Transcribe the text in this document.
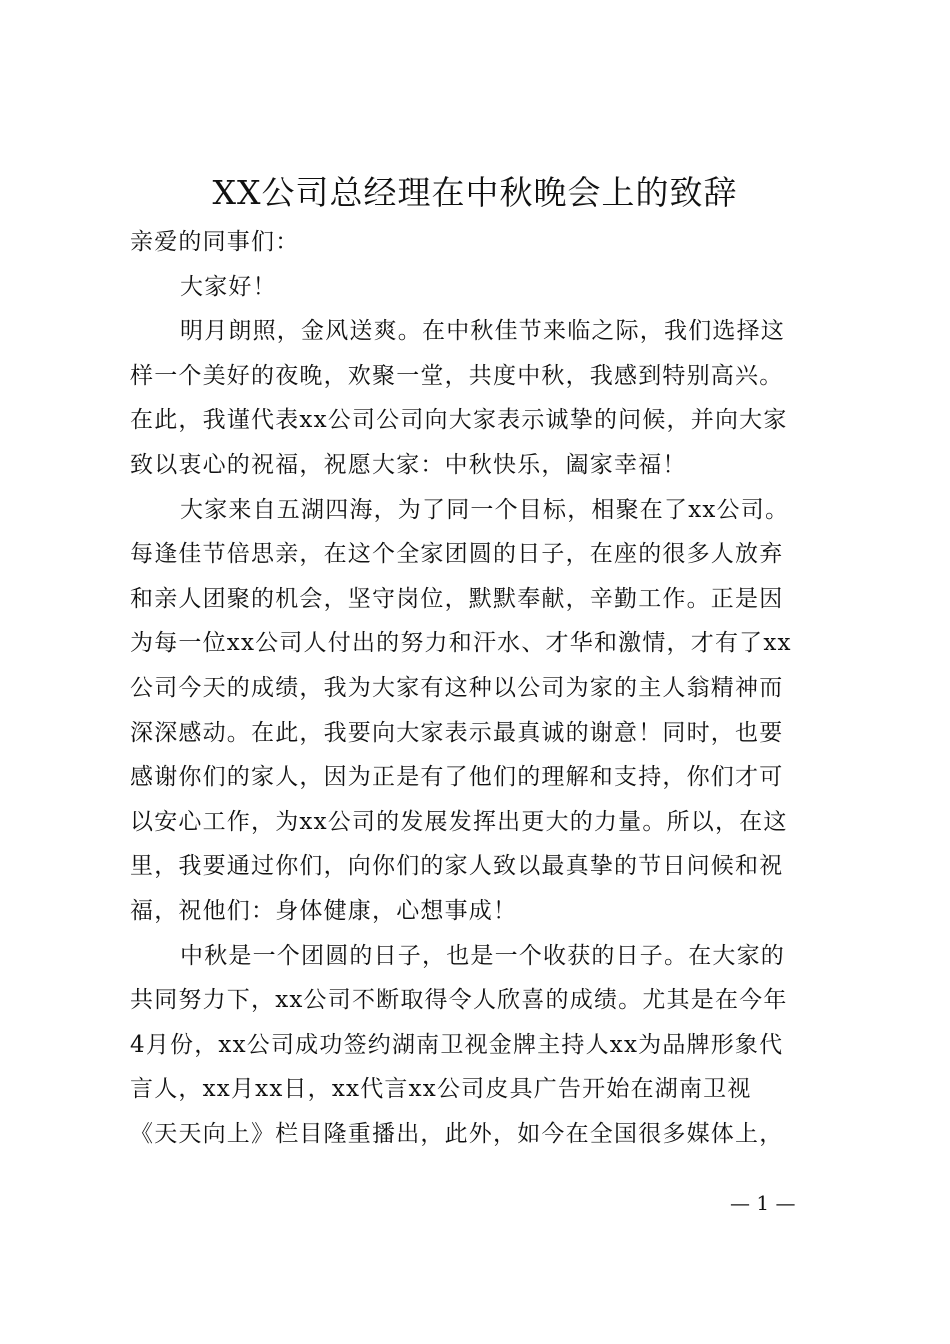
XX公司总经理在中秋晚会上的致辞

亲爱的同事们：

大家好！

明月朗照，金风送爽。在中秋佳节来临之际，我们选择这

样一个美好的夜晚，欢聚一堂，共度中秋，我感到特别高兴。

在此，我谨代表xx公司公司向大家表示诚挚的问候，并向大家

致以衷心的祝福，祝愿大家：中秋快乐，阖家幸福！

大家来自五湖四海，为了同一个目标，相聚在了xx公司。

每逢佳节倍思亲，在这个全家团圆的日子，在座的很多人放弃

和亲人团聚的机会，坚守岗位，默默奉献，辛勤工作。正是因

为每一位xx公司人付出的努力和汗水、才华和激情，才有了xx

公司今天的成绩，我为大家有这种以公司为家的主人翁精神而

深深感动。在此，我要向大家表示最真诚的谢意！同时，也要

感谢你们的家人，因为正是有了他们的理解和支持，你们才可

以安心工作，为xx公司的发展发挥出更大的力量。所以，在这

里，我要通过你们，向你们的家人致以最真挚的节日问候和祝

福，祝他们：身体健康，心想事成！

中秋是一个团圆的日子，也是一个收获的日子。在大家的

共同努力下，xx公司不断取得令人欣喜的成绩。尤其是在今年

4月份，xx公司成功签约湖南卫视金牌主持人xx为品牌形象代

言人，xx月xx日，xx代言xx公司皮具广告开始在湖南卫视

《天天向上》栏目隆重播出，此外，如今在全国很多媒体上，

— 1 —
